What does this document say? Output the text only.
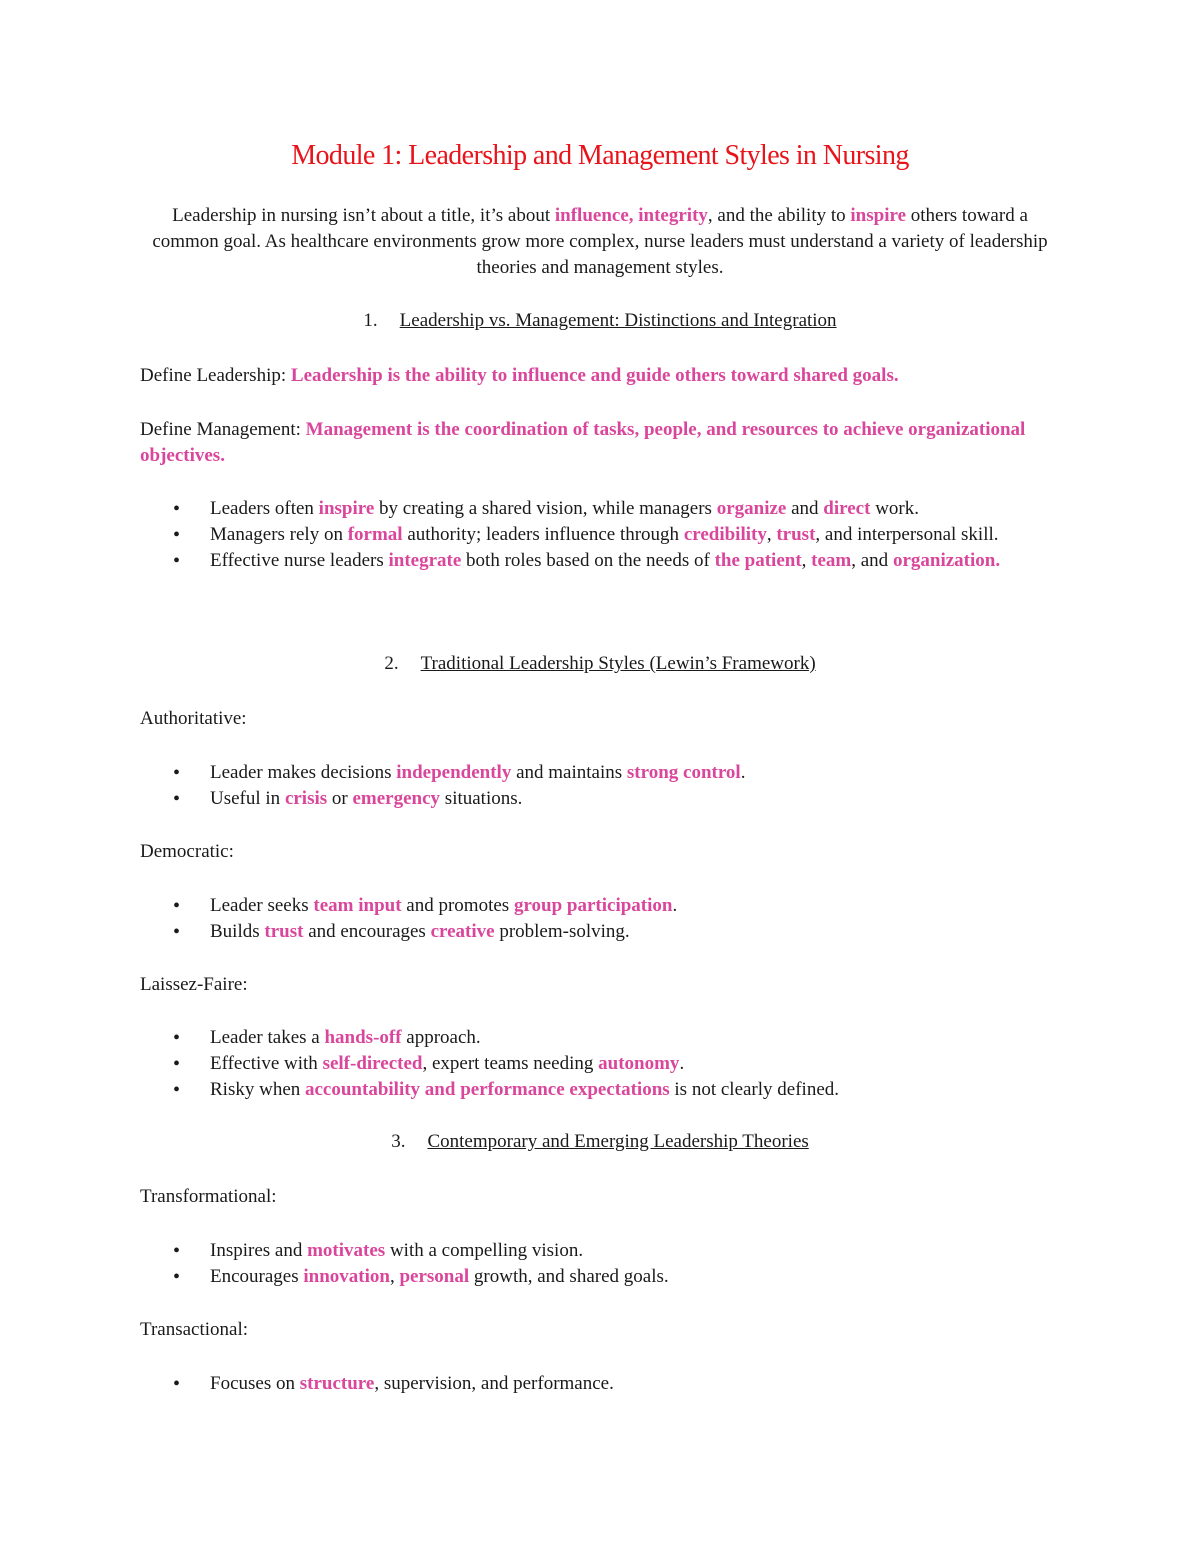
Module 1: Leadership and Management Styles in Nursing
Leadership in nursing isn’t about a title, it’s about influence, integrity, and the ability to inspire others toward a common goal. As healthcare environments grow more complex, nurse leaders must understand a variety of leadership theories and management styles.
1. Leadership vs. Management: Distinctions and Integration
Define Leadership: Leadership is the ability to influence and guide others toward shared goals.
Define Management: Management is the coordination of tasks, people, and resources to achieve organizational objectives.
• Leaders often inspire by creating a shared vision, while managers organize and direct work.
• Managers rely on formal authority; leaders influence through credibility, trust, and interpersonal skill.
• Effective nurse leaders integrate both roles based on the needs of the patient, team, and organization.
2. Traditional Leadership Styles (Lewin’s Framework)
Authoritative:
• Leader makes decisions independently and maintains strong control.
• Useful in crisis or emergency situations.
Democratic:
• Leader seeks team input and promotes group participation.
• Builds trust and encourages creative problem-solving.
Laissez-Faire:
• Leader takes a hands-off approach.
• Effective with self-directed, expert teams needing autonomy.
• Risky when accountability and performance expectations is not clearly defined.
3. Contemporary and Emerging Leadership Theories
Transformational:
• Inspires and motivates with a compelling vision.
• Encourages innovation, personal growth, and shared goals.
Transactional:
• Focuses on structure, supervision, and performance.
